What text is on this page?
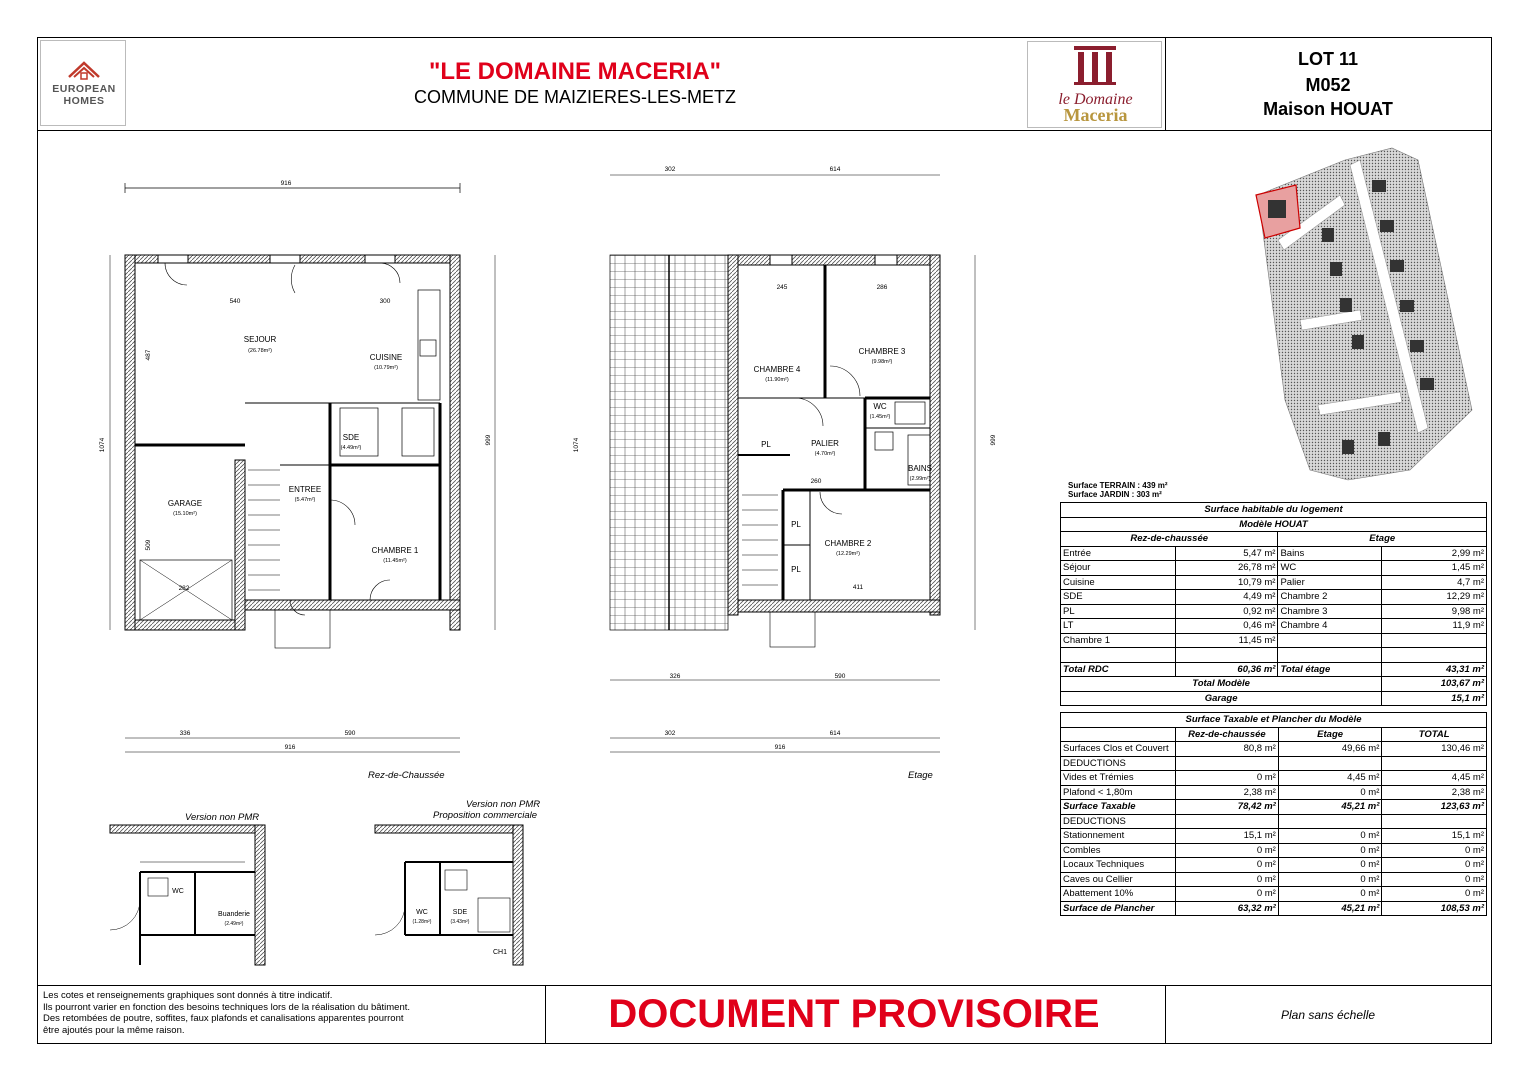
EUROPEAN
HOMES
"LE DOMAINE MACERIA"
COMMUNE DE MAIZIERES-LES-METZ	le Domaine
Maceria
LOT 11
M052
Maison HOUAT
916
540	300
336	590
916
282
1074	999
487
509
SEJOUR
(26.78m²)
CUISINE
(10.79m²)
SDE
(4.49m²)
ENTREE
(5.47m²)
GARAGE
(15.10m²)
CHAMBRE 1
(11.45m²)
302	614
245	286
411
260
326	590
302	614
916
1074	999
CHAMBRE 4
(11.90m²)
CHAMBRE 3
(9.98m²)
CHAMBRE 2
(12.29m²)
WC
(1.45m²)
PALIER
(4.70m²)
BAINS
(2.99m²)
PL
PL
PL
Buanderie
(2.49m²)
WC
WC
(1.28m²)
SDE
(3.43m²)
CH1
Rez-de-Chaussée	Etage
Version non PMR
Version non PMR
Proposition commerciale
Surface TERRAIN : 439 m²
Surface JARDIN : 303 m²
Surface habitable du logement			
Modèle HOUAT			
Rez-de-chaussée		Etage	
Entrée	5,47 m²	Bains	2,99 m²
Séjour	26,78 m²	WC	1,45 m²
Cuisine	10,79 m²	Palier	4,7 m²
SDE	4,49 m²	Chambre 2	12,29 m²
PL	0,92 m²	Chambre 3	9,98 m²
LT	0,46 m²	Chambre 4	11,9 m²
Chambre 1	11,45 m²		

Total RDC	60,36 m²	Total étage	43,31 m²
Total Modèle			103,67 m²
Garage			15,1 m²
Surface Taxable et Plancher du Modèle			
	Rez-de-chaussée	Etage	TOTAL
Surfaces Clos et Couvert	80,8 m²	49,66 m²	130,46 m²
DEDUCTIONS			
Vides et Trémies	0 m²	4,45 m²	4,45 m²
Plafond < 1,80m	2,38 m²	0 m²	2,38 m²
Surface Taxable	78,42 m²	45,21 m²	123,63 m²
DEDUCTIONS			
Stationnement	15,1 m²	0 m²	15,1 m²
Combles	0 m²	0 m²	0 m²
Locaux Techniques	0 m²	0 m²	0 m²
Caves ou Cellier	0 m²	0 m²	0 m²
Abattement 10%	0 m²	0 m²	0 m²
Surface de Plancher	63,32 m²	45,21 m²	108,53 m²
Les cotes et renseignements graphiques sont donnés à titre indicatif.
Ils pourront varier en fonction des besoins techniques lors de la réalisation du bâtiment.
Des retombées de poutre, soffites, faux plafonds et canalisations apparentes pourront
être ajoutés pour la même raison.	DOCUMENT PROVISOIRE	Plan sans échelle
